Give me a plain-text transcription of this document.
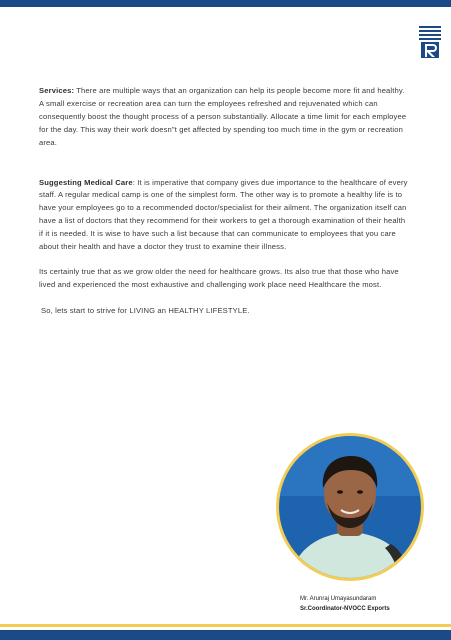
Services: There are multiple ways that an organization can help its people become more fit and healthy. A small exercise or recreation area can turn the employees refreshed and rejuvenated which can consequently boost the thought process of a person substantially. Allocate a time limit for each employee for the day. This way their work doesn"t get affected by spending too much time in the gym or recreation area.

Suggesting Medical Care: It is imperative that company gives due importance to the healthcare of every staff. A regular medical camp is one of the simplest form. The other way is to promote a healthy life is to have your employees go to a recommended doctor/specialist for their ailment. The organization itself can have a list of doctors that they recommend for their workers to get a thorough examination of their health if it is needed. It is wise to have such a list because that can communicate to employees that you care about their health and have a doctor they trust to examine their illness.

Its certainly true that as we grow older the need for healthcare grows. Its also true that those who have lived and experienced the most exhaustive and challenging work place need Healthcare the most.

So, lets start to strive for LIVING an HEALTHY LIFESTYLE.

Mr. Arunraj Umayasundaram
Sr.Coordinator-NVOCC Exports
